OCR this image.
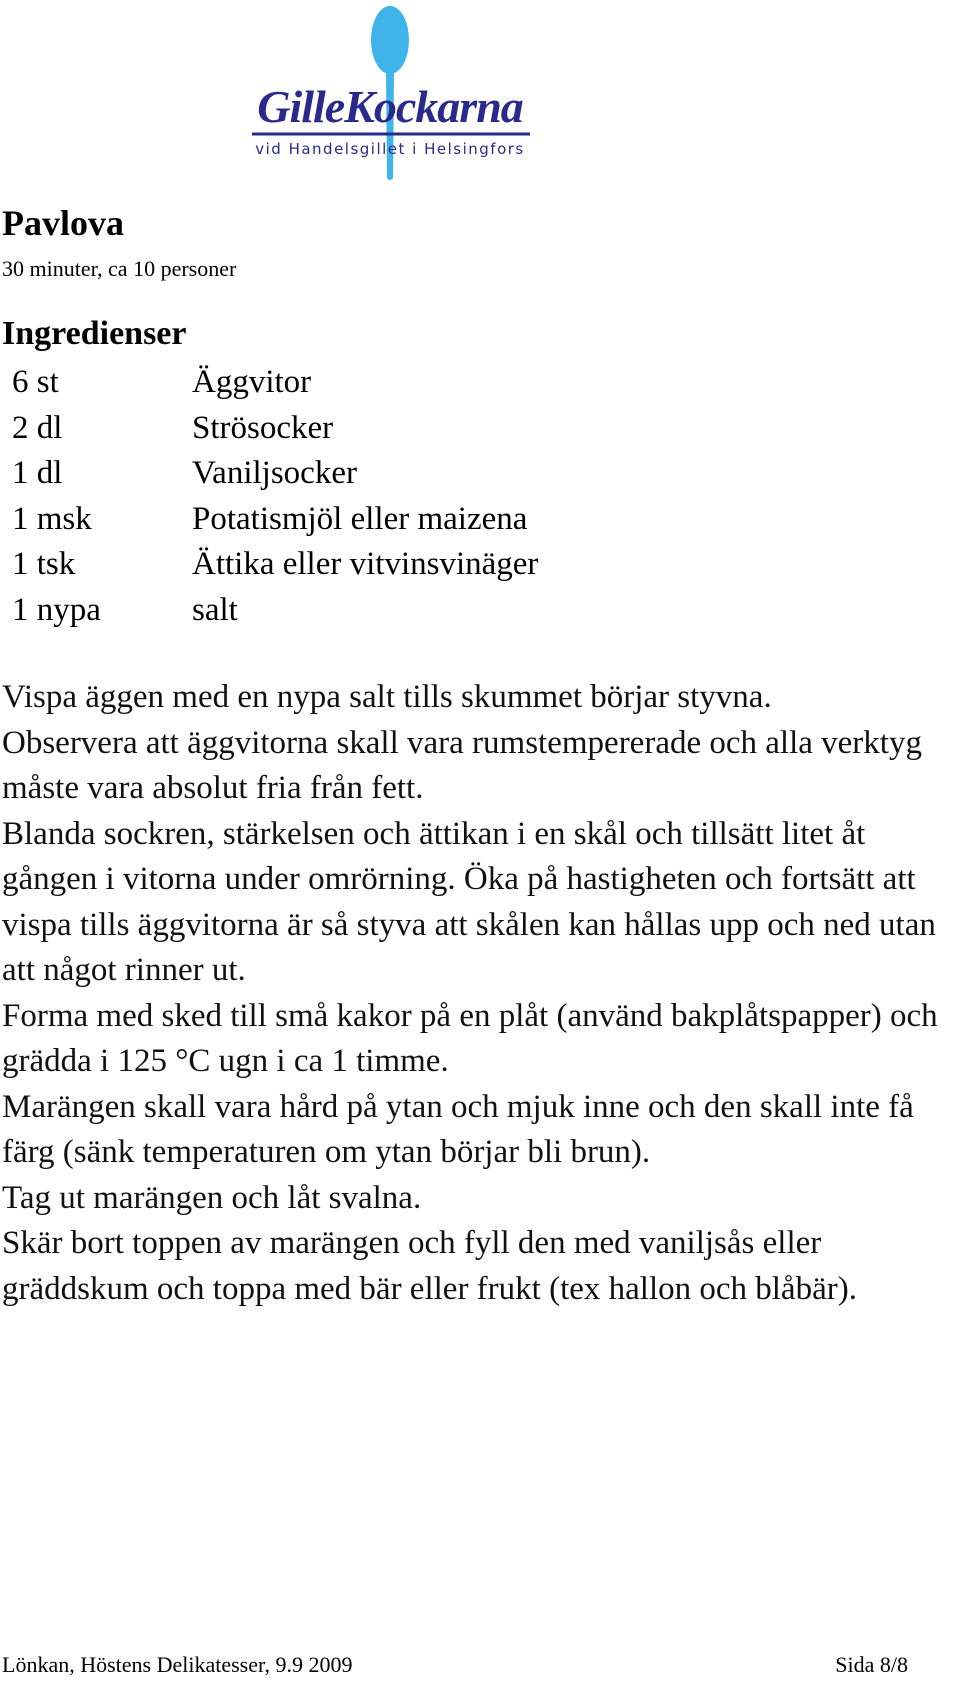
GilleKockarna
vid Handelsgillet i Helsingfors
Pavlova
30 minuter, ca 10 personer
Ingredienser
6 st	Äggvitor
2 dl	Strösocker
1 dl	Vaniljsocker
1 msk	Potatismjöl eller maizena
1 tsk	Ättika eller vitvinsvinäger
1 nypa	salt

Vispa äggen med en nypa salt tills skummet börjar styvna.

Observera att äggvitorna skall vara rumstempererade och alla verktyg måste vara absolut fria från fett.

Blanda sockren, stärkelsen och ättikan i en skål och tillsätt litet åt gången i vitorna under omrörning. Öka på hastigheten och fortsätt att vispa tills äggvitorna är så styva att skålen kan hållas upp och ned utan att något rinner ut.

Forma med sked till små kakor på en plåt (använd bakplåtspapper) och grädda i 125 °C ugn i ca 1 timme.

Marängen skall vara hård på ytan och mjuk inne och den skall inte få färg (sänk temperaturen om ytan börjar bli brun).

Tag ut marängen och låt svalna.

Skär bort toppen av marängen och fyll den med vaniljsås eller gräddskum och toppa med bär eller frukt (tex hallon och blåbär).

Lönkan, Höstens Delikatesser, 9.9 2009	Sida 8/8
